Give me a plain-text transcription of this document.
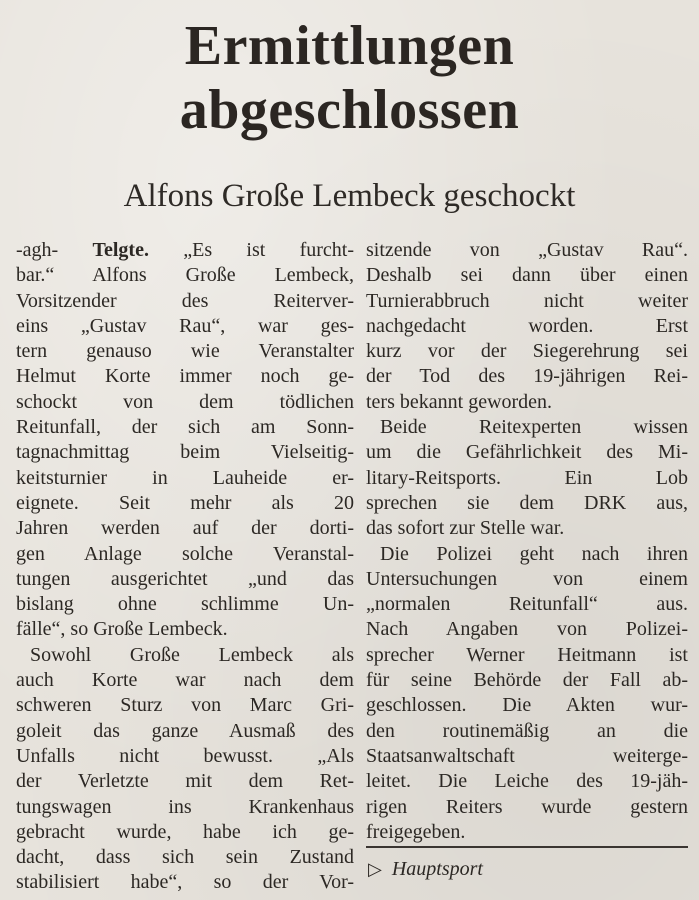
Ermittlungen
abgeschlossen
Alfons Große Lembeck geschockt
-agh- Telgte. „Es ist furcht-
bar.“ Alfons Große Lembeck,
Vorsitzender des Reiterver-
eins „Gustav Rau“, war ges-
tern genauso wie Veranstalter
Helmut Korte immer noch ge-
schockt von dem tödlichen
Reitunfall, der sich am Sonn-
tagnachmittag beim Vielseitig-
keitsturnier in Lauheide er-
eignete. Seit mehr als 20
Jahren werden auf der dorti-
gen Anlage solche Veranstal-
tungen ausgerichtet „und das
bislang ohne schlimme Un-
fälle“, so Große Lembeck.
Sowohl Große Lembeck als
auch Korte war nach dem
schweren Sturz von Marc Gri-
goleit das ganze Ausmaß des
Unfalls nicht bewusst. „Als
der Verletzte mit dem Ret-
tungswagen ins Krankenhaus
gebracht wurde, habe ich ge-
dacht, dass sich sein Zustand
stabilisiert habe“, so der Vor-
sitzende von „Gustav Rau“.
Deshalb sei dann über einen
Turnierabbruch nicht weiter
nachgedacht worden. Erst
kurz vor der Siegerehrung sei
der Tod des 19-jährigen Rei-
ters bekannt geworden.
Beide Reitexperten wissen
um die Gefährlichkeit des Mi-
litary-Reitsports. Ein Lob
sprechen sie dem DRK aus,
das sofort zur Stelle war.
Die Polizei geht nach ihren
Untersuchungen von einem
„normalen Reitunfall“ aus.
Nach Angaben von Polizei-
sprecher Werner Heitmann ist
für seine Behörde der Fall ab-
geschlossen. Die Akten wur-
den routinemäßig an die
Staatsanwaltschaft weiterge-
leitet. Die Leiche des 19-jäh-
rigen Reiters wurde gestern
freigegeben.
▷ Hauptsport
